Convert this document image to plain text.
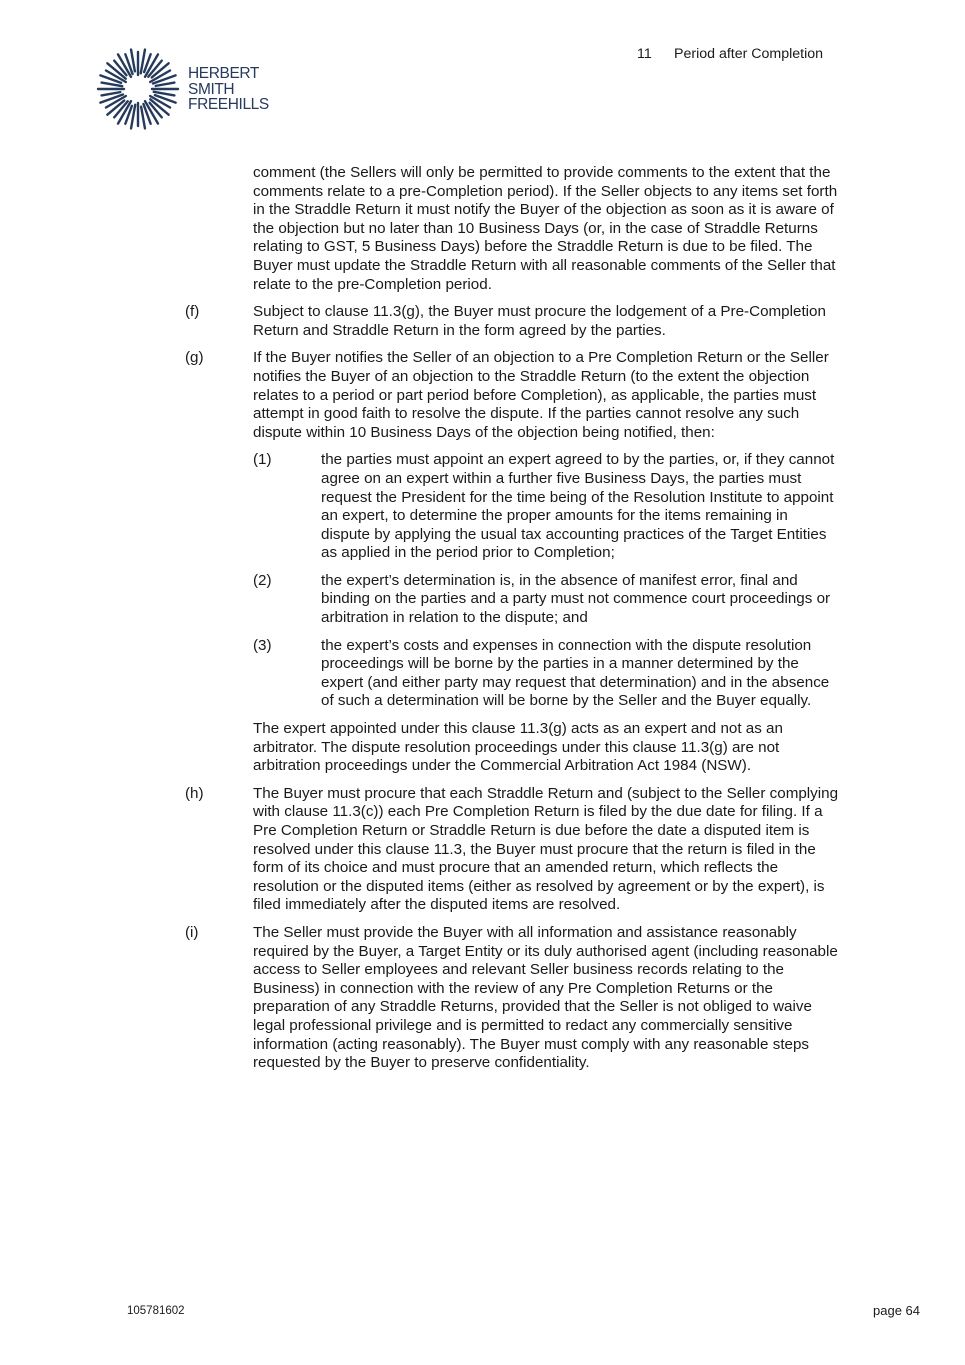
HERBERT
SMITH
FREEHILLS
11 Period after Completion

comment (the Sellers will only be permitted to provide comments to the extent that the comments relate to a pre-Completion period). If the Seller objects to any items set forth in the Straddle Return it must notify the Buyer of the objection as soon as it is aware of the objection but no later than 10 Business Days (or, in the case of Straddle Returns relating to GST, 5 Business Days) before the Straddle Return is due to be filed. The Buyer must update the Straddle Return with all reasonable comments of the Seller that relate to the pre-Completion period.

(f)	Subject to clause 11.3(g), the Buyer must procure the lodgement of a Pre-Completion Return and Straddle Return in the form agreed by the parties.
(g)	If the Buyer notifies the Seller of an objection to a Pre Completion Return or the Seller notifies the Buyer of an objection to the Straddle Return (to the extent the objection relates to a period or part period before Completion), as applicable, the parties must attempt in good faith to resolve the dispute. If the parties cannot resolve any such dispute within 10 Business Days of the objection being notified, then:
(1)	the parties must appoint an expert agreed to by the parties, or, if they cannot agree on an expert within a further five Business Days, the parties must request the President for the time being of the Resolution Institute to appoint an expert, to determine the proper amounts for the items remaining in dispute by applying the usual tax accounting practices of the Target Entities as applied in the period prior to Completion;
(2)	the expert’s determination is, in the absence of manifest error, final and binding on the parties and a party must not commence court proceedings or arbitration in relation to the dispute; and
(3)	the expert’s costs and expenses in connection with the dispute resolution proceedings will be borne by the parties in a manner determined by the expert (and either party may request that determination) and in the absence of such a determination will be borne by the Seller and the Buyer equally.

The expert appointed under this clause 11.3(g) acts as an expert and not as an arbitrator. The dispute resolution proceedings under this clause 11.3(g) are not arbitration proceedings under the Commercial Arbitration Act 1984 (NSW).

(h)	The Buyer must procure that each Straddle Return and (subject to the Seller complying with clause 11.3(c)) each Pre Completion Return is filed by the due date for filing. If a Pre Completion Return or Straddle Return is due before the date a disputed item is resolved under this clause 11.3, the Buyer must procure that the return is filed in the form of its choice and must procure that an amended return, which reflects the resolution or the disputed items (either as resolved by agreement or by the expert), is filed immediately after the disputed items are resolved.
(i)	The Seller must provide the Buyer with all information and assistance reasonably required by the Buyer, a Target Entity or its duly authorised agent (including reasonable access to Seller employees and relevant Seller business records relating to the Business) in connection with the review of any Pre Completion Returns or the preparation of any Straddle Returns, provided that the Seller is not obliged to waive legal professional privilege and is permitted to redact any commercially sensitive information (acting reasonably). The Buyer must comply with any reasonable steps requested by the Buyer to preserve confidentiality.
105781602	page 64
